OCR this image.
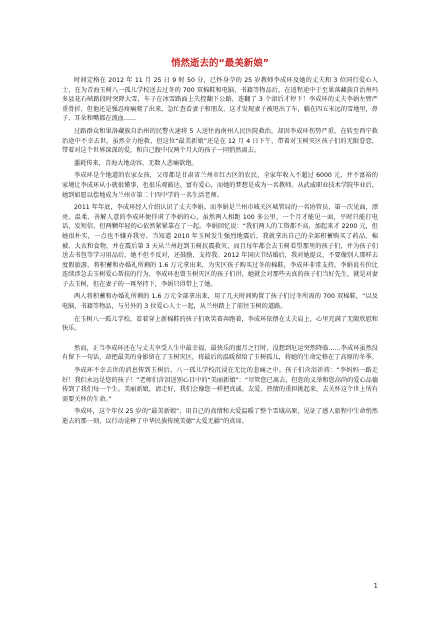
悄然逝去的“最美新娘”

时间定格在 2012 年 11 月 25 日 9 时 50 分，已怀身孕的 25 岁教师李成环及她的丈夫和 3 位同行爱心人士，在为青海玉树八一孤儿学校送去过冬的 700 双棉鞋和电脑、书籍等物品后，在返程途中于至果落藏族自治州玛多县花石峡路段时突降大雪，车子在冰雪路面上失控翻下公路，连翻了 3 个滚后才停下！李成环的丈夫李娟左臂严重骨折，但他还是强忍疼痛爬了出来，急忙查看妻子和朋友，这才发现妻子被甩出了车，躺在四五米远的雪地里，鼻子、耳朵和嘴都在流血……

过路群众和果洛藏族自治州的民警火速将 5 人送往海南州人民医院救治，却因李成环伤势严重，在转至西宁救治途中不幸去世，虽然全力抢救，但这位“最美新娘”还是在 12 月 4 日下午，带着对玉树灾区孩子们的无限眷恋，带着对这个世界深深的爱，和自己腹中仅两个月大的孩子一同悄然离去。

噩耗传来，青海大地动容，无数人悲痛欲绝。

李成环是个地道的农家女孩，父母都是甘肃省兰州市红古区的农民，全家年收入不超过 6000 元，并不富裕的家境让李成环从小就很懂事，也很乐观豁达、富有爱心，而她的梦想是成为一名教师。从武威职业技术学院毕业后，她到如愿以偿地成为兰州市第二十四中学的一名生活老师。

2011 年年底，李成环经人介绍认识了丈夫李娟。而李娟是兰州市城关区城管局的一名协管员，第一次见面，漂亮、温柔、善解人意的李成环便俘虏了李娟的心，虽然两人相距 100 多公里，一个月才能见一面，平时只能打电话、发短信，但两颗年轻的心依然紧紧靠在了一起。李娟回忆说：“我们两人的工资都不高，加起来才 2200 元，但她很朴实，一点也不嫌弃我穷。当知道 2010 年玉树发生强烈地震后，我就拿出自己的全部积蓄购买了药品、棉被、大衣和食物，并在震后第 3 天从兰州赶到玉树抗震救灾，而且每年都会去玉树看望那里的孩子们，并为孩子们送去书包等学习用品后，她不但不反对，还鼓励、支持我。2012 年国庆节结婚后，我对她提议，不要像别人那样去度假旅游，将积蓄和办婚礼所剩的 1.6 万元拿出来，为灾区孩子购买过冬的棉鞋，李成环非常支持。李娟说有价比连续涉急去玉树爱心帮扶的行为，李成环也曾玉树灾区的孩子们讲，她就会对那些天真的孩子们当好先生，就是对妻子去玉树，但在妻子的一再坚持下，李娟只得带上了她。

两人将积蓄和办婚礼所剩的 1.6 万元全部拿出来，用了几天时间购置了孩子们过冬所需的 700 双棉鞋，“以及电脑、书籍等物品，与另外的 3 位爱心人士一起，从兰州踏上了前往玉树的道路。

在玉树八一孤儿学校，看着穿上新棉鞋的孩子们欢笑着奔跑着，李成环依偎在丈夫肩上，心里充满了无限欣慰和快乐。

然而，正当李成环还在与丈夫享受人生中最幸福、最快乐的蜜月之行时，没想到厄运突然降临……李成环虽然没有留下一句话，却把最美的身影留在了玉树灾区，将最后的温暖留给了玉树孤儿，将她的生命定格在了高原的冬季。

李成环不幸去世的消息传到玉树后，八一孤儿学校沉浸在无比的悲痛之中。孩子们含泪祈祷：“李妈妈一路走好！我们永远是您的孩子！”老师们含泪送别心目中的“美丽新娘”：“尽管您已离去，但您的义举和您高尚的爱心品德传到了我们每一个生。美丽新娘，请走好，我们会像您一样把真诚、友爱、热情的重担挑起来，去关怀这个世上所有需要关怀的生命。”

李成环，这个年仅 25 岁的“最美新娘”，用自己的真情和大爱温暖了整个雪域高原，见证了感人旅程中生命悄然逝去的那一刻，以行动诠释了中华民族传统美德“大爱无疆”的真谛。

1
